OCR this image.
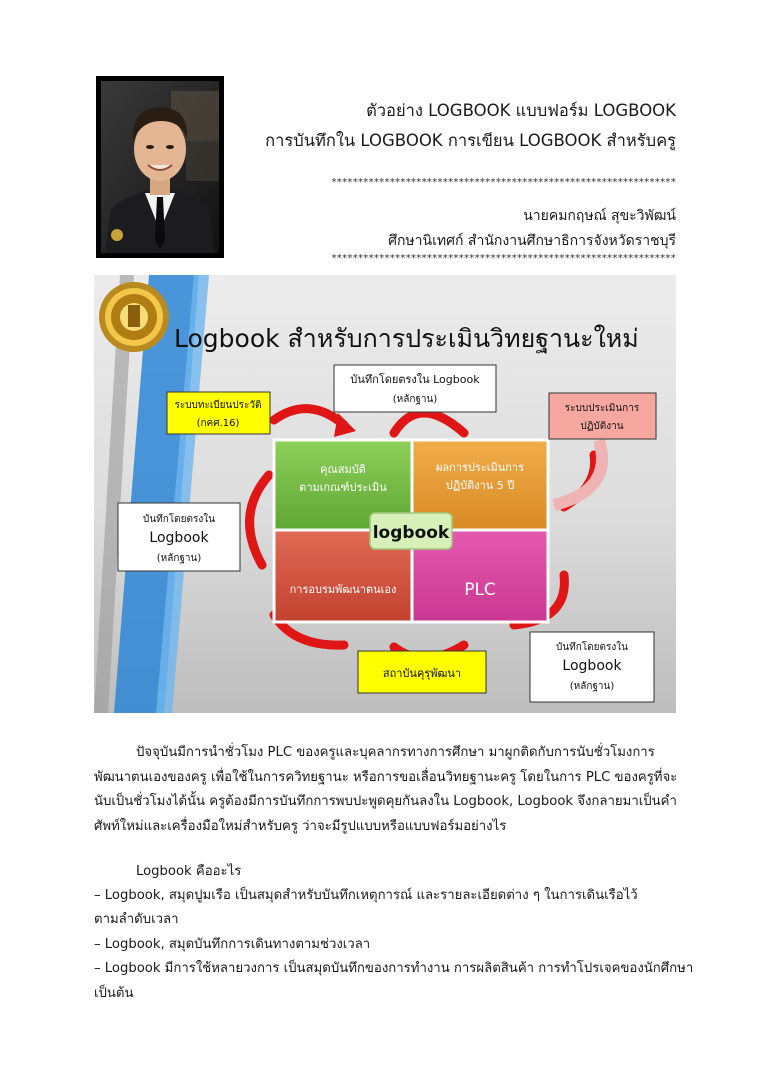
ตัวอย่าง LOGBOOK แบบฟอร์ม LOGBOOK
การบันทึกใน LOGBOOK การเขียน LOGBOOK สำหรับครู
*****************************************************************
นายคมกฤษณ์ สุขะวิพัฒน์
ศึกษานิเทศก์ สำนักงานศึกษาธิการจังหวัดราชบุรี
*****************************************************************
Logbook สำหรับการประเมินวิทยฐานะใหม่
คุณสมบัติ
ตามเกณฑ์ประเมิน
ผลการประเมินการ
ปฏิบัติงาน 5 ปี
การอบรมพัฒนาตนเอง	PLC
logbook
ระบบทะเบียนประวัติ
(กคศ.16)
บันทึกโดยตรงใน Logbook
(หลักฐาน)
ระบบประเมินการ
ปฏิบัติงาน
บันทึกโดยตรงใน
Logbook
(หลักฐาน)
บันทึกโดยตรงใน
Logbook
(หลักฐาน)
สถาบันคุรุพัฒนา
ปัจจุบันมีการนำชั่วโมง PLC ของครูและบุคลากรทางการศึกษา มาผูกติดกับการนับชั่วโมงการพัฒนาตนเองของครู เพื่อใช้ในการควิทยฐานะ หรือการขอเลื่อนวิทยฐานะครู โดยในการ PLC ของครูที่จะนับเป็นชั่วโมงได้นั้น ครูต้องมีการบันทึกการพบปะพูดคุยกันลงใน Logbook, Logbook จึงกลายมาเป็นคำศัพท์ใหม่และเครื่องมือใหม่สำหรับครู ว่าจะมีรูปแบบหรือแบบฟอร์มอย่างไร
Logbook คืออะไร
– Logbook, สมุดปูมเรือ เป็นสมุดสำหรับบันทึกเหตุการณ์ และรายละเอียดต่าง ๆ ในการเดินเรือไว้
ตามลำดับเวลา
– Logbook, สมุดบันทึกการเดินทางตามช่วงเวลา
– Logbook มีการใช้หลายวงการ เป็นสมุดบันทึกของการทำงาน การผลิตสินค้า การทำโปรเจคของนักศึกษา
เป็นต้น
